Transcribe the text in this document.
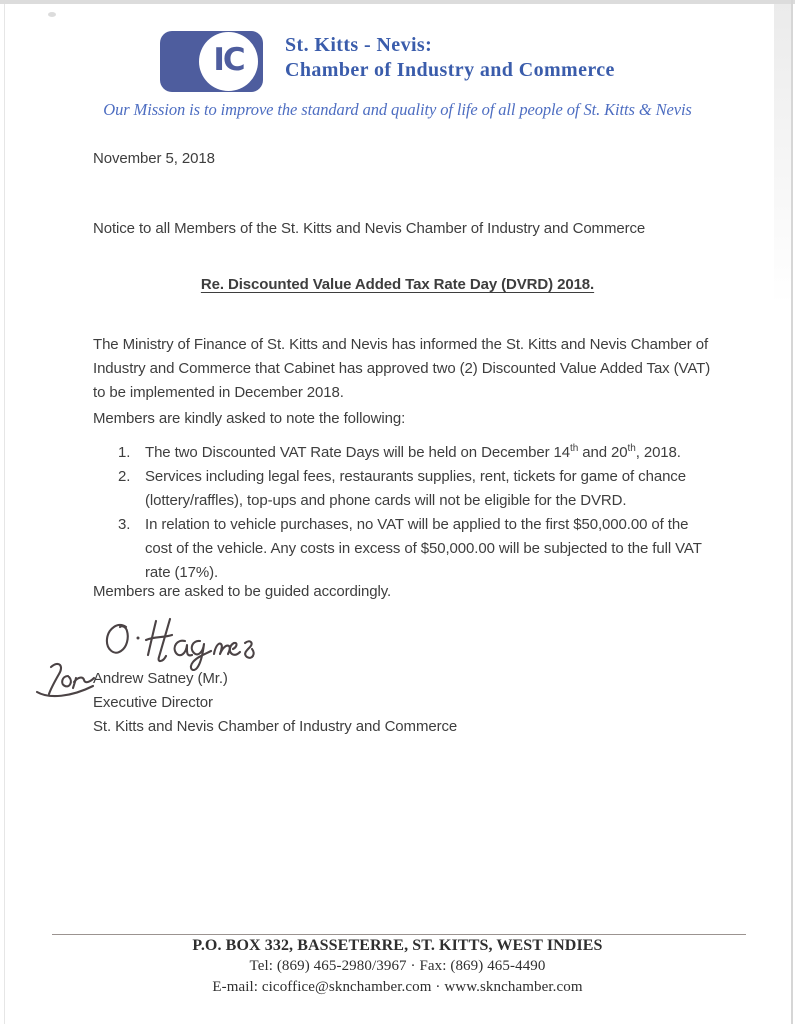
IC St. Kitts - Nevis:
Chamber of Industry and Commerce
Our Mission is to improve the standard and quality of life of all people of St. Kitts & Nevis
November 5, 2018
Notice to all Members of the St. Kitts and Nevis Chamber of Industry and Commerce
Re. Discounted Value Added Tax Rate Day (DVRD) 2018.
The Ministry of Finance of St. Kitts and Nevis has informed the St. Kitts and Nevis Chamber of
Industry and Commerce that Cabinet has approved two (2) Discounted Value Added Tax (VAT)
to be implemented in December 2018.
Members are kindly asked to note the following:
The two Discounted VAT Rate Days will be held on December 14th and 20th, 2018.
Services including legal fees, restaurants supplies, rent, tickets for game of chance
(lottery/raffles), top-ups and phone cards will not be eligible for the DVRD.
In relation to vehicle purchases, no VAT will be applied to the first $50,000.00 of the
cost of the vehicle. Any costs in excess of $50,000.00 will be subjected to the full VAT
rate (17%).
Members are asked to be guided accordingly.
Andrew Satney (Mr.)
Executive Director
St. Kitts and Nevis Chamber of Industry and Commerce
P.O. BOX 332, BASSETERRE, ST. KITTS, WEST INDIES
Tel: (869) 465-2980/3967 · Fax: (869) 465-4490
E-mail: cicoffice@sknchamber.com · www.sknchamber.com
